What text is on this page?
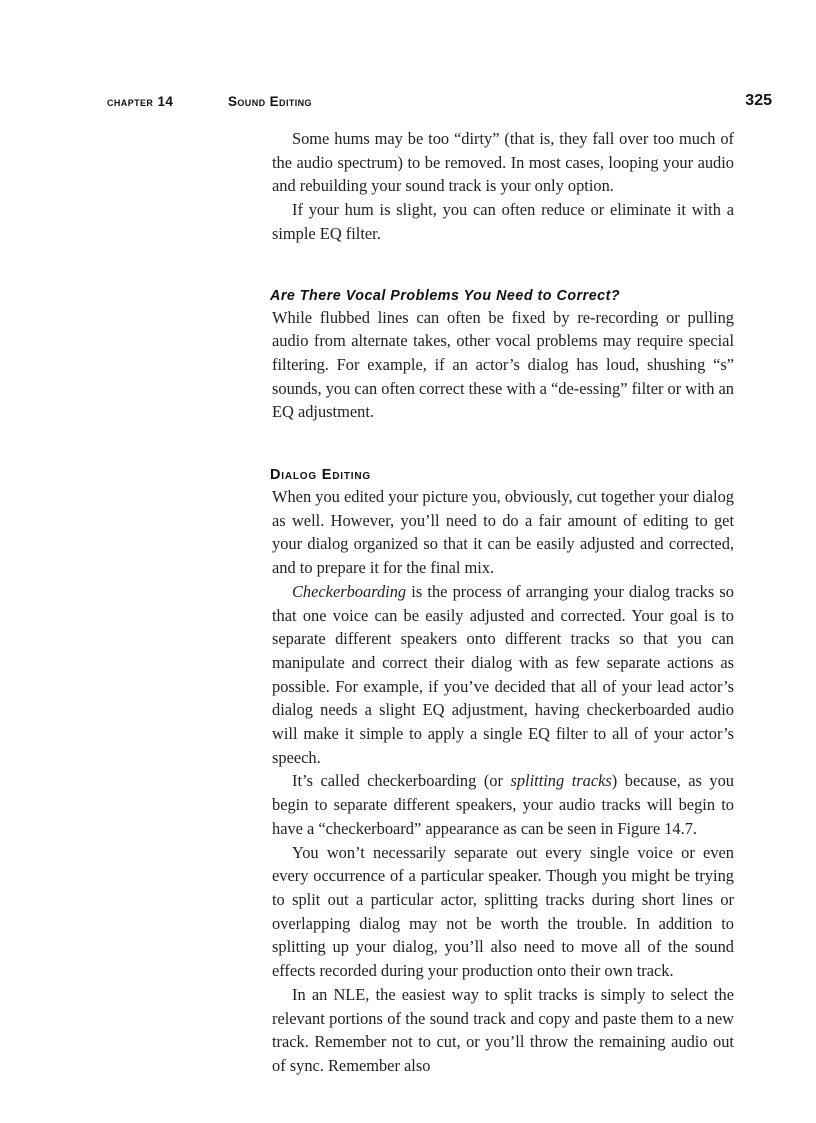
chapter 14	Sound Editing	325

Some hums may be too “dirty” (that is, they fall over too much of the audio spectrum) to be removed. In most cases, looping your audio and rebuilding your sound track is your only option.

If your hum is slight, you can often reduce or eliminate it with a simple EQ filter.

Are There Vocal Problems You Need to Correct?

While flubbed lines can often be fixed by re-recording or pulling audio from alternate takes, other vocal problems may require special filtering. For example, if an actor’s dialog has loud, shushing “s” sounds, you can often correct these with a “de-essing” filter or with an EQ adjustment.

Dialog Editing

When you edited your picture you, obviously, cut together your dialog as well. However, you’ll need to do a fair amount of editing to get your dialog organized so that it can be easily adjusted and corrected, and to prepare it for the final mix.

Checkerboarding is the process of arranging your dialog tracks so that one voice can be easily adjusted and corrected. Your goal is to separate different speakers onto different tracks so that you can manipulate and correct their dialog with as few separate actions as possible. For example, if you’ve decided that all of your lead actor’s dialog needs a slight EQ adjustment, having checkerboarded audio will make it simple to apply a single EQ filter to all of your actor’s speech.

It’s called checkerboarding (or splitting tracks) because, as you begin to separate different speakers, your audio tracks will begin to have a “checkerboard” appearance as can be seen in Figure 14.7.

You won’t necessarily separate out every single voice or even every occurrence of a particular speaker. Though you might be trying to split out a particular actor, splitting tracks during short lines or overlapping dialog may not be worth the trouble. In addition to splitting up your dialog, you’ll also need to move all of the sound effects recorded during your production onto their own track.

In an NLE, the easiest way to split tracks is simply to select the relevant portions of the sound track and copy and paste them to a new track. Remember not to cut, or you’ll throw the remaining audio out of sync. Remember also
